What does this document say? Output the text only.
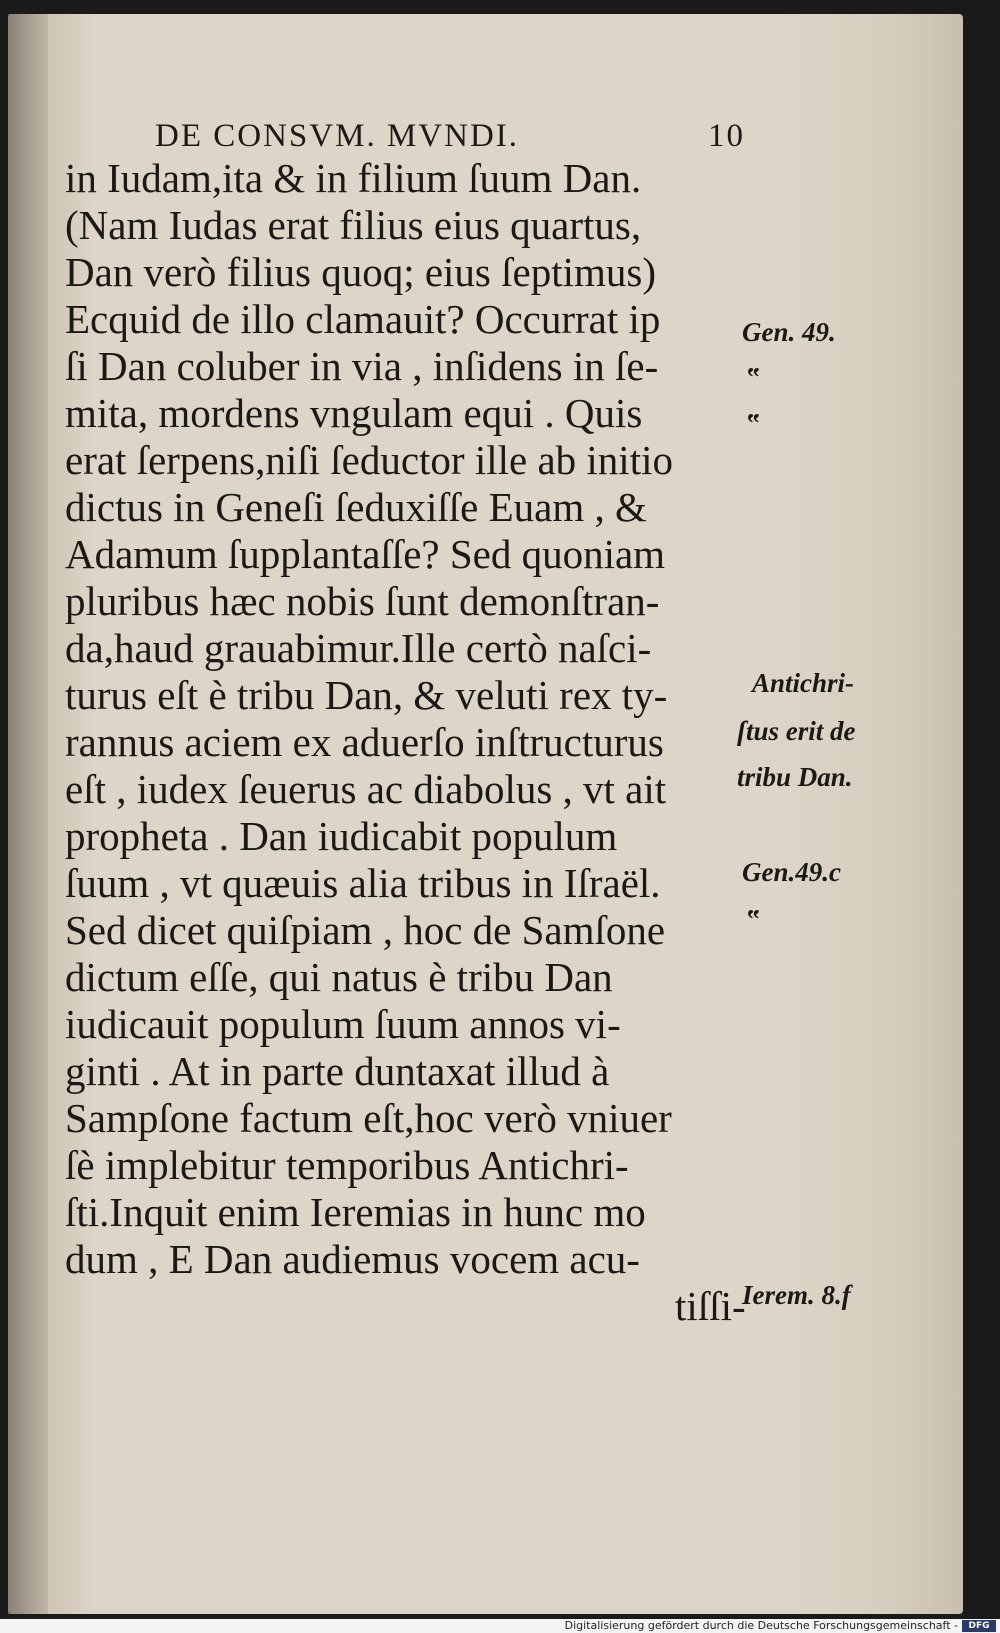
DE CONSVM. MVNDI.	10
in Iudam,ita & in filium ſuum Dan.
(Nam Iudas erat filius eius quartus,
Dan verò filius quoq; eius ſeptimus)
Ecquid de illo clamauit? Occurrat ip
ſi Dan coluber in via , inſidens in ſe-
mita, mordens vngulam equi . Quis
erat ſerpens,niſi ſeductor ille ab initio
dictus in Geneſi ſeduxiſſe Euam , &
Adamum ſupplantaſſe? Sed quoniam
pluribus hæc nobis ſunt demonſtran-
da,haud grauabimur.Ille certò naſci-
turus eſt è tribu Dan, & veluti rex ty-
rannus aciem ex aduerſo inſtructurus
eſt , iudex ſeuerus ac diabolus , vt ait
propheta . Dan iudicabit populum
ſuum , vt quæuis alia tribus in Iſraël.
Sed dicet quiſpiam , hoc de Samſone
dictum eſſe, qui natus è tribu Dan
iudicauit populum ſuum annos vi-
ginti . At in parte duntaxat illud à
Sampſone factum eſt,hoc verò vniuer
ſè implebitur temporibus Antichri-
ſti.Inquit enim Ieremias in hunc mo
dum , E Dan audiemus vocem acu-
tiſſi-
Gen. 49.
‟
‟
Antichri-
ſtus erit de
tribu Dan.
Gen.49.c
‟
Ierem. 8.f
Digitalisierung gefördert durch die Deutsche Forschungsgemeinschaft -	DFG
